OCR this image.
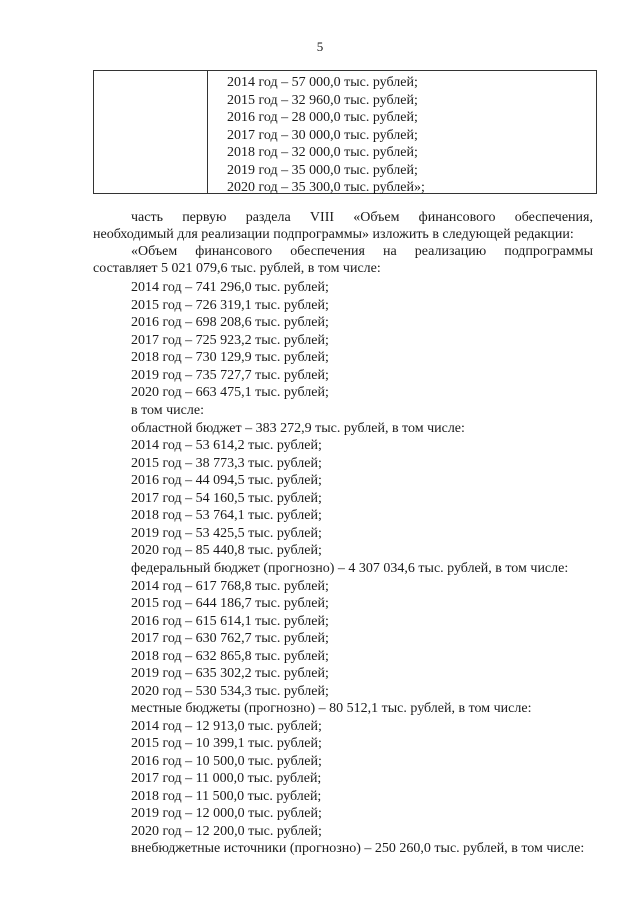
5
2014 год – 57 000,0 тыс. рублей;
2015 год – 32 960,0 тыс. рублей;
2016 год – 28 000,0 тыс. рублей;
2017 год – 30 000,0 тыс. рублей;
2018 год – 32 000,0 тыс. рублей;
2019 год – 35 000,0 тыс. рублей;
2020 год – 35 300,0 тыс. рублей»;
часть первую раздела VIII «Объем финансового обеспечения,
необходимый для реализации подпрограммы» изложить в следующей редакции:
«Объем финансового обеспечения на реализацию подпрограммы
составляет 5 021 079,6 тыс. рублей, в том числе:
2014 год – 741 296,0 тыс. рублей;
2015 год – 726 319,1 тыс. рублей;
2016 год – 698 208,6 тыс. рублей;
2017 год – 725 923,2 тыс. рублей;
2018 год – 730 129,9 тыс. рублей;
2019 год – 735 727,7 тыс. рублей;
2020 год – 663 475,1 тыс. рублей;
в том числе:
областной бюджет – 383 272,9 тыс. рублей, в том числе:
2014 год – 53 614,2 тыс. рублей;
2015 год – 38 773,3 тыс. рублей;
2016 год – 44 094,5 тыс. рублей;
2017 год – 54 160,5 тыс. рублей;
2018 год – 53 764,1 тыс. рублей;
2019 год – 53 425,5 тыс. рублей;
2020 год – 85 440,8 тыс. рублей;
федеральный бюджет (прогнозно) – 4 307 034,6 тыс. рублей, в том числе:
2014 год – 617 768,8 тыс. рублей;
2015 год – 644 186,7 тыс. рублей;
2016 год – 615 614,1 тыс. рублей;
2017 год – 630 762,7 тыс. рублей;
2018 год – 632 865,8 тыс. рублей;
2019 год – 635 302,2 тыс. рублей;
2020 год – 530 534,3 тыс. рублей;
местные бюджеты (прогнозно) – 80 512,1 тыс. рублей, в том числе:
2014 год – 12 913,0 тыс. рублей;
2015 год – 10 399,1 тыс. рублей;
2016 год – 10 500,0 тыс. рублей;
2017 год – 11 000,0 тыс. рублей;
2018 год – 11 500,0 тыс. рублей;
2019 год – 12 000,0 тыс. рублей;
2020 год – 12 200,0 тыс. рублей;
внебюджетные источники (прогнозно) – 250 260,0 тыс. рублей, в том числе:
